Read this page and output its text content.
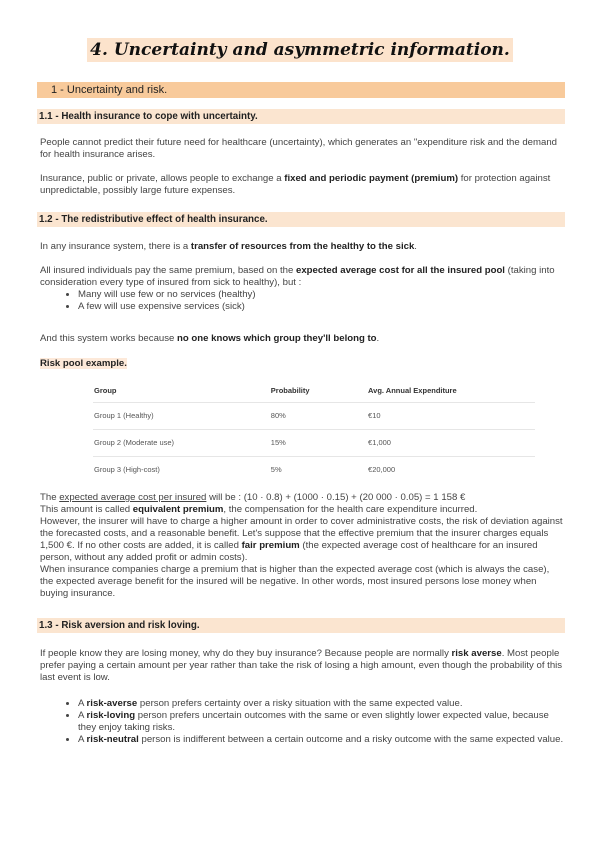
4. Uncertainty and asymmetric information.
1 - Uncertainty and risk.
1.1 - Health insurance to cope with uncertainty.
People cannot predict their future need for healthcare (uncertainty), which generates an "expenditure risk and the demand for health insurance arises.
Insurance, public or private, allows people to exchange a fixed and periodic payment (premium) for protection against unpredictable, possibly large future expenses.
1.2 - The redistributive effect of health insurance.
In any insurance system, there is a transfer of resources from the healthy to the sick.
All insured individuals pay the same premium, based on the expected average cost for all the insured pool (taking into consideration every type of insured from sick to healthy), but :
• Many will use few or no services (healthy)
• A few will use expensive services (sick)
And this system works because no one knows which group they'll belong to.
Risk pool example.
Group	Probability	Avg. Annual Expenditure
Group 1 (Healthy)	80%	€10
Group 2 (Moderate use)	15%	€1,000
Group 3 (High-cost)	5%	€20,000
The expected average cost per insured will be : (10 · 0.8) + (1000 · 0.15) + (20 000 · 0.05) = 1 158 €
This amount is called equivalent premium, the compensation for the health care expenditure incurred.
However, the insurer will have to charge a higher amount in order to cover administrative costs, the risk of deviation against the forecasted costs, and a reasonable benefit. Let's suppose that the effective premium that the insurer charges equals 1,500 €. If no other costs are added, it is called fair premium (the expected average cost of healthcare for an insured person, without any added profit or admin costs).
When insurance companies charge a premium that is higher than the expected average cost (which is always the case), the expected average benefit for the insured will be negative. In other words, most insured persons lose money when buying insurance.
1.3 - Risk aversion and risk loving.
If people know they are losing money, why do they buy insurance? Because people are normally risk averse. Most people prefer paying a certain amount per year rather than take the risk of losing a high amount, even though the probability of this last event is low.
• A risk-averse person prefers certainty over a risky situation with the same expected value.
• A risk-loving person prefers uncertain outcomes with the same or even slightly lower expected value, because they enjoy taking risks.
• A risk-neutral person is indifferent between a certain outcome and a risky outcome with the same expected value.
